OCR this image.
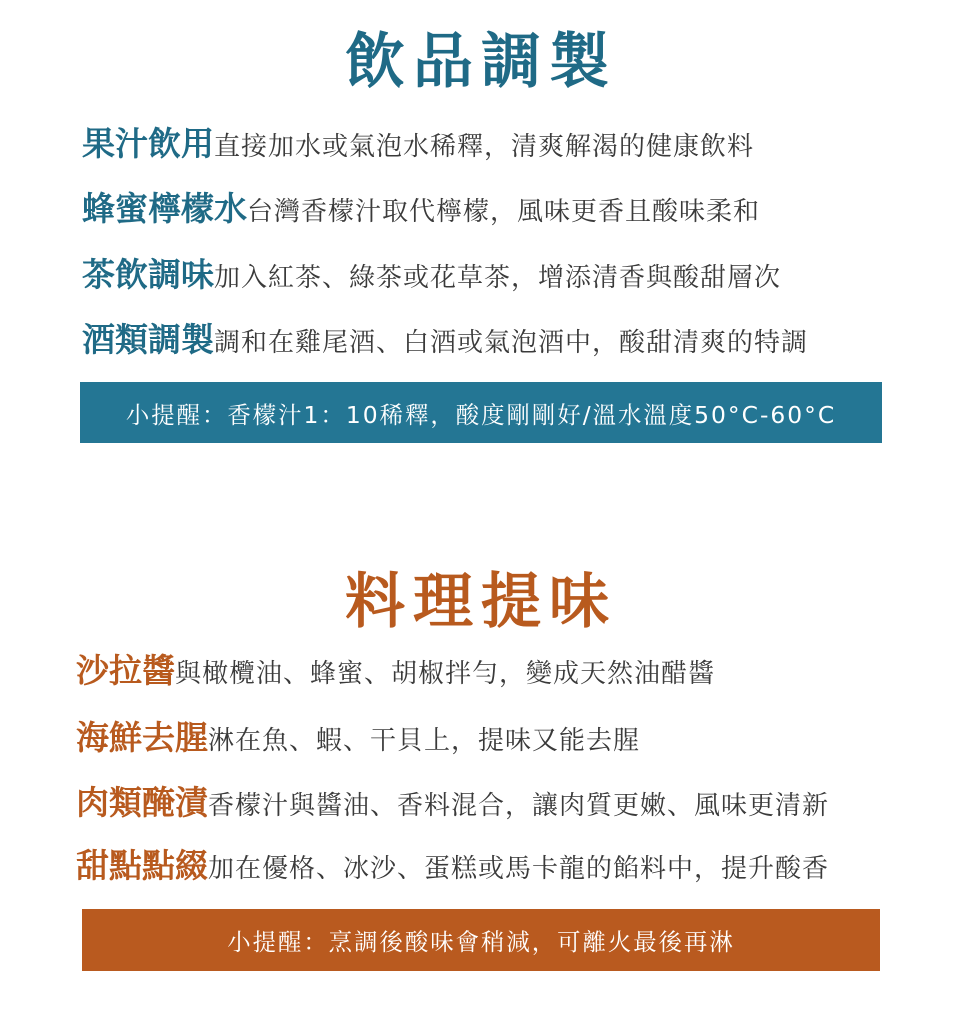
飲品調製
果汁飲用直接加水或氣泡水稀釋，清爽解渴的健康飲料
蜂蜜檸檬水台灣香檬汁取代檸檬，風味更香且酸味柔和
茶飲調味加入紅茶、綠茶或花草茶，增添清香與酸甜層次
酒類調製調和在雞尾酒、白酒或氣泡酒中，酸甜清爽的特調
小提醒：香檬汁1：10稀釋，酸度剛剛好/溫水溫度50°C-60°C
料理提味
沙拉醬與橄欖油、蜂蜜、胡椒拌勻，變成天然油醋醬
海鮮去腥淋在魚、蝦、干貝上，提味又能去腥
肉類醃漬香檬汁與醬油、香料混合，讓肉質更嫩、風味更清新
甜點點綴加在優格、冰沙、蛋糕或馬卡龍的餡料中，提升酸香
小提醒：烹調後酸味會稍減，可離火最後再淋
